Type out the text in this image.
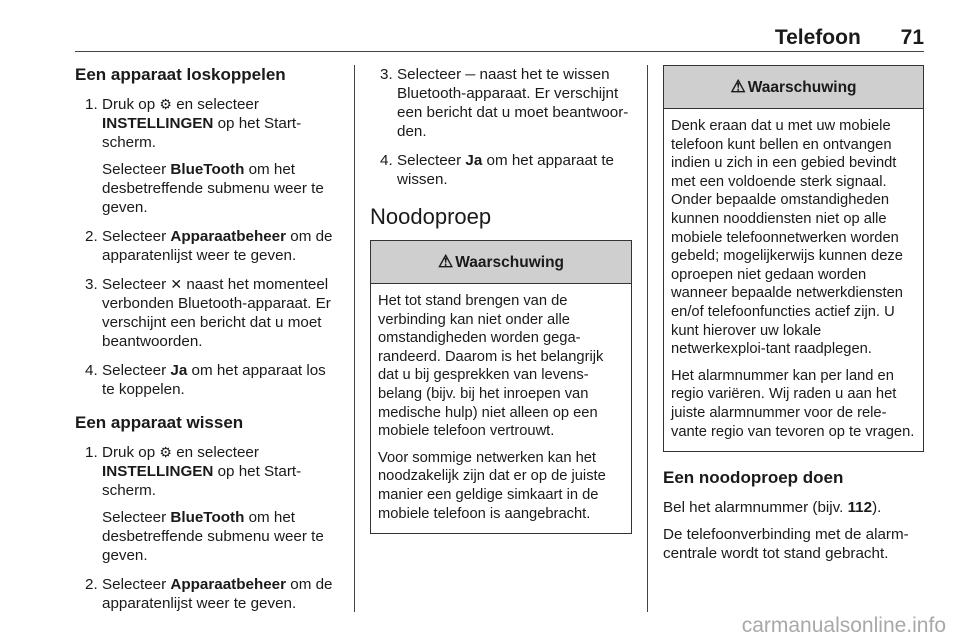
Telefoon 71
Een apparaat loskoppelen
1. Druk op ⚙ en selecteer INSTELLINGEN op het Start-scherm.

Selecteer BlueTooth om het desbetreffende submenu weer te geven.

2. Selecteer Apparaatbeheer om de apparatenlijst weer te geven.

3. Selecteer ✕ naast het momenteel verbonden Bluetooth-apparaat. Er verschijnt een bericht dat u moet beantwoorden.

4. Selecteer Ja om het apparaat los te koppelen.

Een apparaat wissen
1. Druk op ⚙ en selecteer INSTELLINGEN op het Start-scherm.

Selecteer BlueTooth om het desbetreffende submenu weer te geven.

2. Selecteer Apparaatbeheer om de apparatenlijst weer te geven.

3. Selecteer ─ naast het te wissen Bluetooth-apparaat. Er verschijnt een bericht dat u moet beantwoor-den.

4. Selecteer Ja om het apparaat te wissen.

Noodoproep
⚠ Waarschuwing

Het tot stand brengen van de verbinding kan niet onder alle omstandigheden worden gega-randeerd. Daarom is het belangrijk dat u bij gesprekken van levens-belang (bijv. bij het inroepen van medische hulp) niet alleen op een mobiele telefoon vertrouwt.

Voor sommige netwerken kan het noodzakelijk zijn dat er op de juiste manier een geldige simkaart in de mobiele telefoon is aangebracht.

⚠ Waarschuwing

Denk eraan dat u met uw mobiele telefoon kunt bellen en ontvangen indien u zich in een gebied bevindt met een voldoende sterk signaal. Onder bepaalde omstandigheden kunnen nooddiensten niet op alle mobiele telefoonnetwerken worden gebeld; mogelijkerwijs kunnen deze oproepen niet gedaan worden wanneer bepaalde netwerkdiensten en/of telefoonfuncties actief zijn. U kunt hierover uw lokale netwerkexploi-tant raadplegen.

Het alarmnummer kan per land en regio variëren. Wij raden u aan het juiste alarmnummer voor de rele-vante regio van tevoren op te vragen.

Een noodoproep doen

Bel het alarmnummer (bijv. 112).

De telefoonverbinding met de alarm-centrale wordt tot stand gebracht.

carmanualsonline.info
